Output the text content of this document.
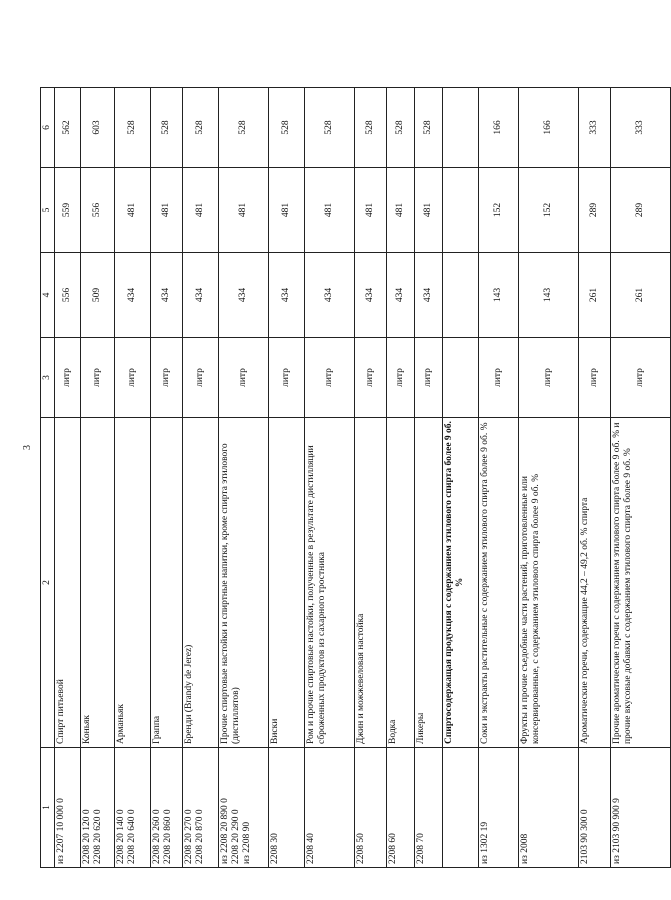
3
1	2	3	4	5	6

из 2207 10 000 0	Спирт питьевой	литр	556	559	562

2208 20 120 0 2208 20 620 0	Коньяк	литр	509	556	603

2208 20 140 0 2208 20 640 0	Арманьяк	литр	434	481	528

2208 20 260 0 2208 20 860 0	Граппа	литр	434	481	528

2208 20 270 0 2208 20 870 0	Бренди (Brandy de Jerez)	литр	434	481	528

из 2208 20 890 0 2208 20 290 0 из 2208 90	Прочие спиртовые настойки и спиртные напитки, кроме спирта этилового (дистиллятов)	литр	434	481	528

2208 30	Виски	литр	434	481	528

2208 40	Ром и прочие спиртовые настойки, полученные в результате дистилляции сброженных продуктов из сахарного тростника	литр	434	481	528

2208 50	Джин и можжевеловая настойка	литр	434	481	528

2208 60	Водка	литр	434	481	528

2208 70	Ликеры	литр	434	481	528
	Спиртосодержащая продукция с содержанием этилового спирта более 9 об. %				

из 1302 19	Соки и экстракты растительные с содержанием этилового спирта более 9 об. %	литр	143	152	166

из 2008	Фрукты и прочие съедобные части растений, приготовленные или консервированные, с содержанием этилового спирта более 9 об. %	литр	143	152	166

2103 90 300 0	Ароматические горечи, содержащие 44,2 – 49,2 об. % спирта	литр	261	289	333

из 2103 90 900 9	Прочие ароматические горечи с содержанием этилового спирта более 9 об. % и прочие вкусовые добавки с содержанием этилового спирта более 9 об. %	литр	261	289	333
